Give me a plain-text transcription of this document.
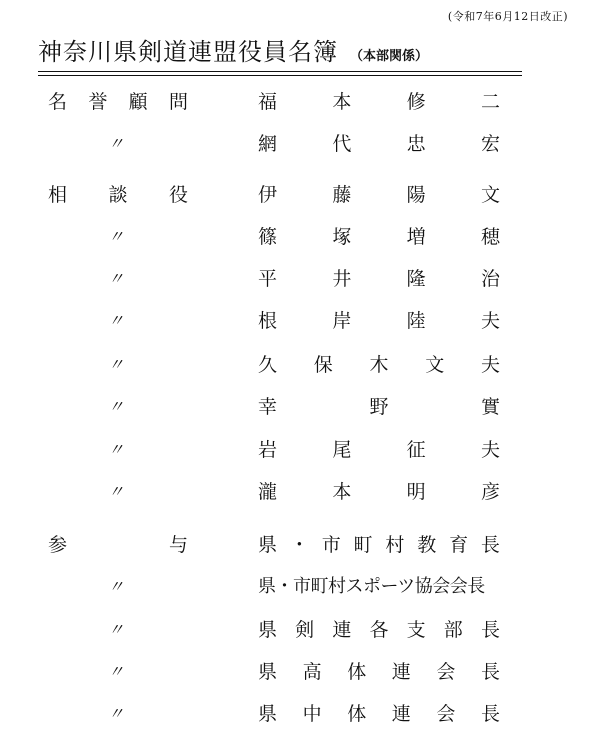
(令和7年6月12日改正)
神奈川県剣道連盟役員名簿 （本部関係）
名 誉 顧 問	福	本	修	二
〃	網	代	忠	宏
相 談 役	伊	藤	陽	文
〃	篠	塚	増	穂
〃	平	井	隆	治
〃	根	岸	陸	夫
〃	久 保 木 文 夫
〃	幸	野	實
〃	岩	尾	征	夫
〃	瀧	本	明	彦
参	与	県 ・ 市 町 村 教 育 長
〃	県・市町村スポーツ協会会長
〃	県 剣 連 各 支 部 長
〃	県 高 体 連 会 長
〃	県 中 体 連 会 長
